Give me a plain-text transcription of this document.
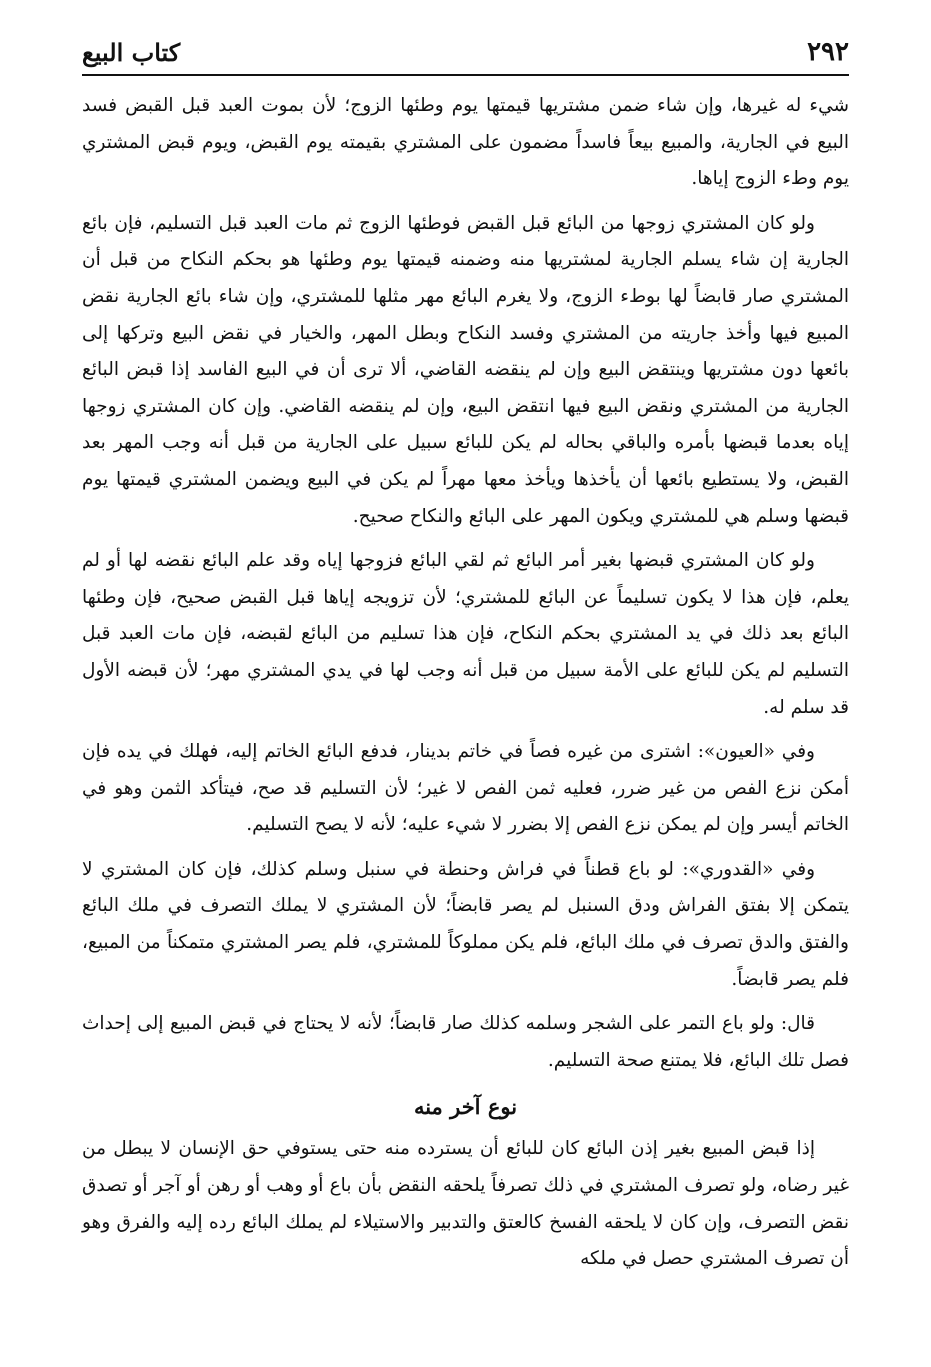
٢٩٢
كتاب البيع

شيء له غيرها، وإن شاء ضمن مشتريها قيمتها يوم وطئها الزوج؛ لأن بموت العبد قبل القبض فسد البيع في الجارية، والمبيع بيعاً فاسداً مضمون على المشتري بقيمته يوم القبض، ويوم قبض المشتري يوم وطء الزوج إياها.

ولو كان المشتري زوجها من البائع قبل القبض فوطئها الزوج ثم مات العبد قبل التسليم، فإن بائع الجارية إن شاء يسلم الجارية لمشتريها منه وضمنه قيمتها يوم وطئها هو بحكم النكاح من قبل أن المشتري صار قابضاً لها بوطء الزوج، ولا يغرم البائع مهر مثلها للمشتري، وإن شاء بائع الجارية نقض المبيع فيها وأخذ جاريته من المشتري وفسد النكاح وبطل المهر، والخيار في نقض البيع وتركها إلى بائعها دون مشتريها وينتقض البيع وإن لم ينقضه القاضي، ألا ترى أن في البيع الفاسد إذا قبض البائع الجارية من المشتري ونقض البيع فيها انتقض البيع، وإن لم ينقضه القاضي. وإن كان المشتري زوجها إياه بعدما قبضها بأمره والباقي بحاله لم يكن للبائع سبيل على الجارية من قبل أنه وجب المهر بعد القبض، ولا يستطيع بائعها أن يأخذها ويأخذ معها مهراً لم يكن في البيع ويضمن المشتري قيمتها يوم قبضها وسلم هي للمشتري ويكون المهر على البائع والنكاح صحيح.

ولو كان المشتري قبضها بغير أمر البائع ثم لقي البائع فزوجها إياه وقد علم البائع نقضه لها أو لم يعلم، فإن هذا لا يكون تسليماً عن البائع للمشتري؛ لأن تزويجه إياها قبل القبض صحيح، فإن وطئها البائع بعد ذلك في يد المشتري بحكم النكاح، فإن هذا تسليم من البائع لقبضه، فإن مات العبد قبل التسليم لم يكن للبائع على الأمة سبيل من قبل أنه وجب لها في يدي المشتري مهر؛ لأن قبضه الأول قد سلم له.

وفي «العيون»: اشترى من غيره فصاً في خاتم بدينار، فدفع البائع الخاتم إليه، فهلك في يده فإن أمكن نزع الفص من غير ضرر، فعليه ثمن الفص لا غير؛ لأن التسليم قد صح، فيتأكد الثمن وهو في الخاتم أيسر وإن لم يمكن نزع الفص إلا بضرر لا شيء عليه؛ لأنه لا يصح التسليم.

وفي «القدوري»: لو باع قطناً في فراش وحنطة في سنبل وسلم كذلك، فإن كان المشتري لا يتمكن إلا بفتق الفراش ودق السنبل لم يصر قابضاً؛ لأن المشتري لا يملك التصرف في ملك البائع والفتق والدق تصرف في ملك البائع، فلم يكن مملوكاً للمشتري، فلم يصر المشتري متمكناً من المبيع، فلم يصر قابضاً.

قال: ولو باع التمر على الشجر وسلمه كذلك صار قابضاً؛ لأنه لا يحتاج في قبض المبيع إلى إحداث فصل تلك البائع، فلا يمتنع صحة التسليم.

نوع آخر منه

إذا قبض المبيع بغير إذن البائع كان للبائع أن يسترده منه حتى يستوفي حق الإنسان لا يبطل من غير رضاه، ولو تصرف المشتري في ذلك تصرفاً يلحقه النقض بأن باع أو وهب أو رهن أو آجر أو تصدق نقض التصرف، وإن كان لا يلحقه الفسخ كالعتق والتدبير والاستيلاء لم يملك البائع رده إليه والفرق وهو أن تصرف المشتري حصل في ملكه
